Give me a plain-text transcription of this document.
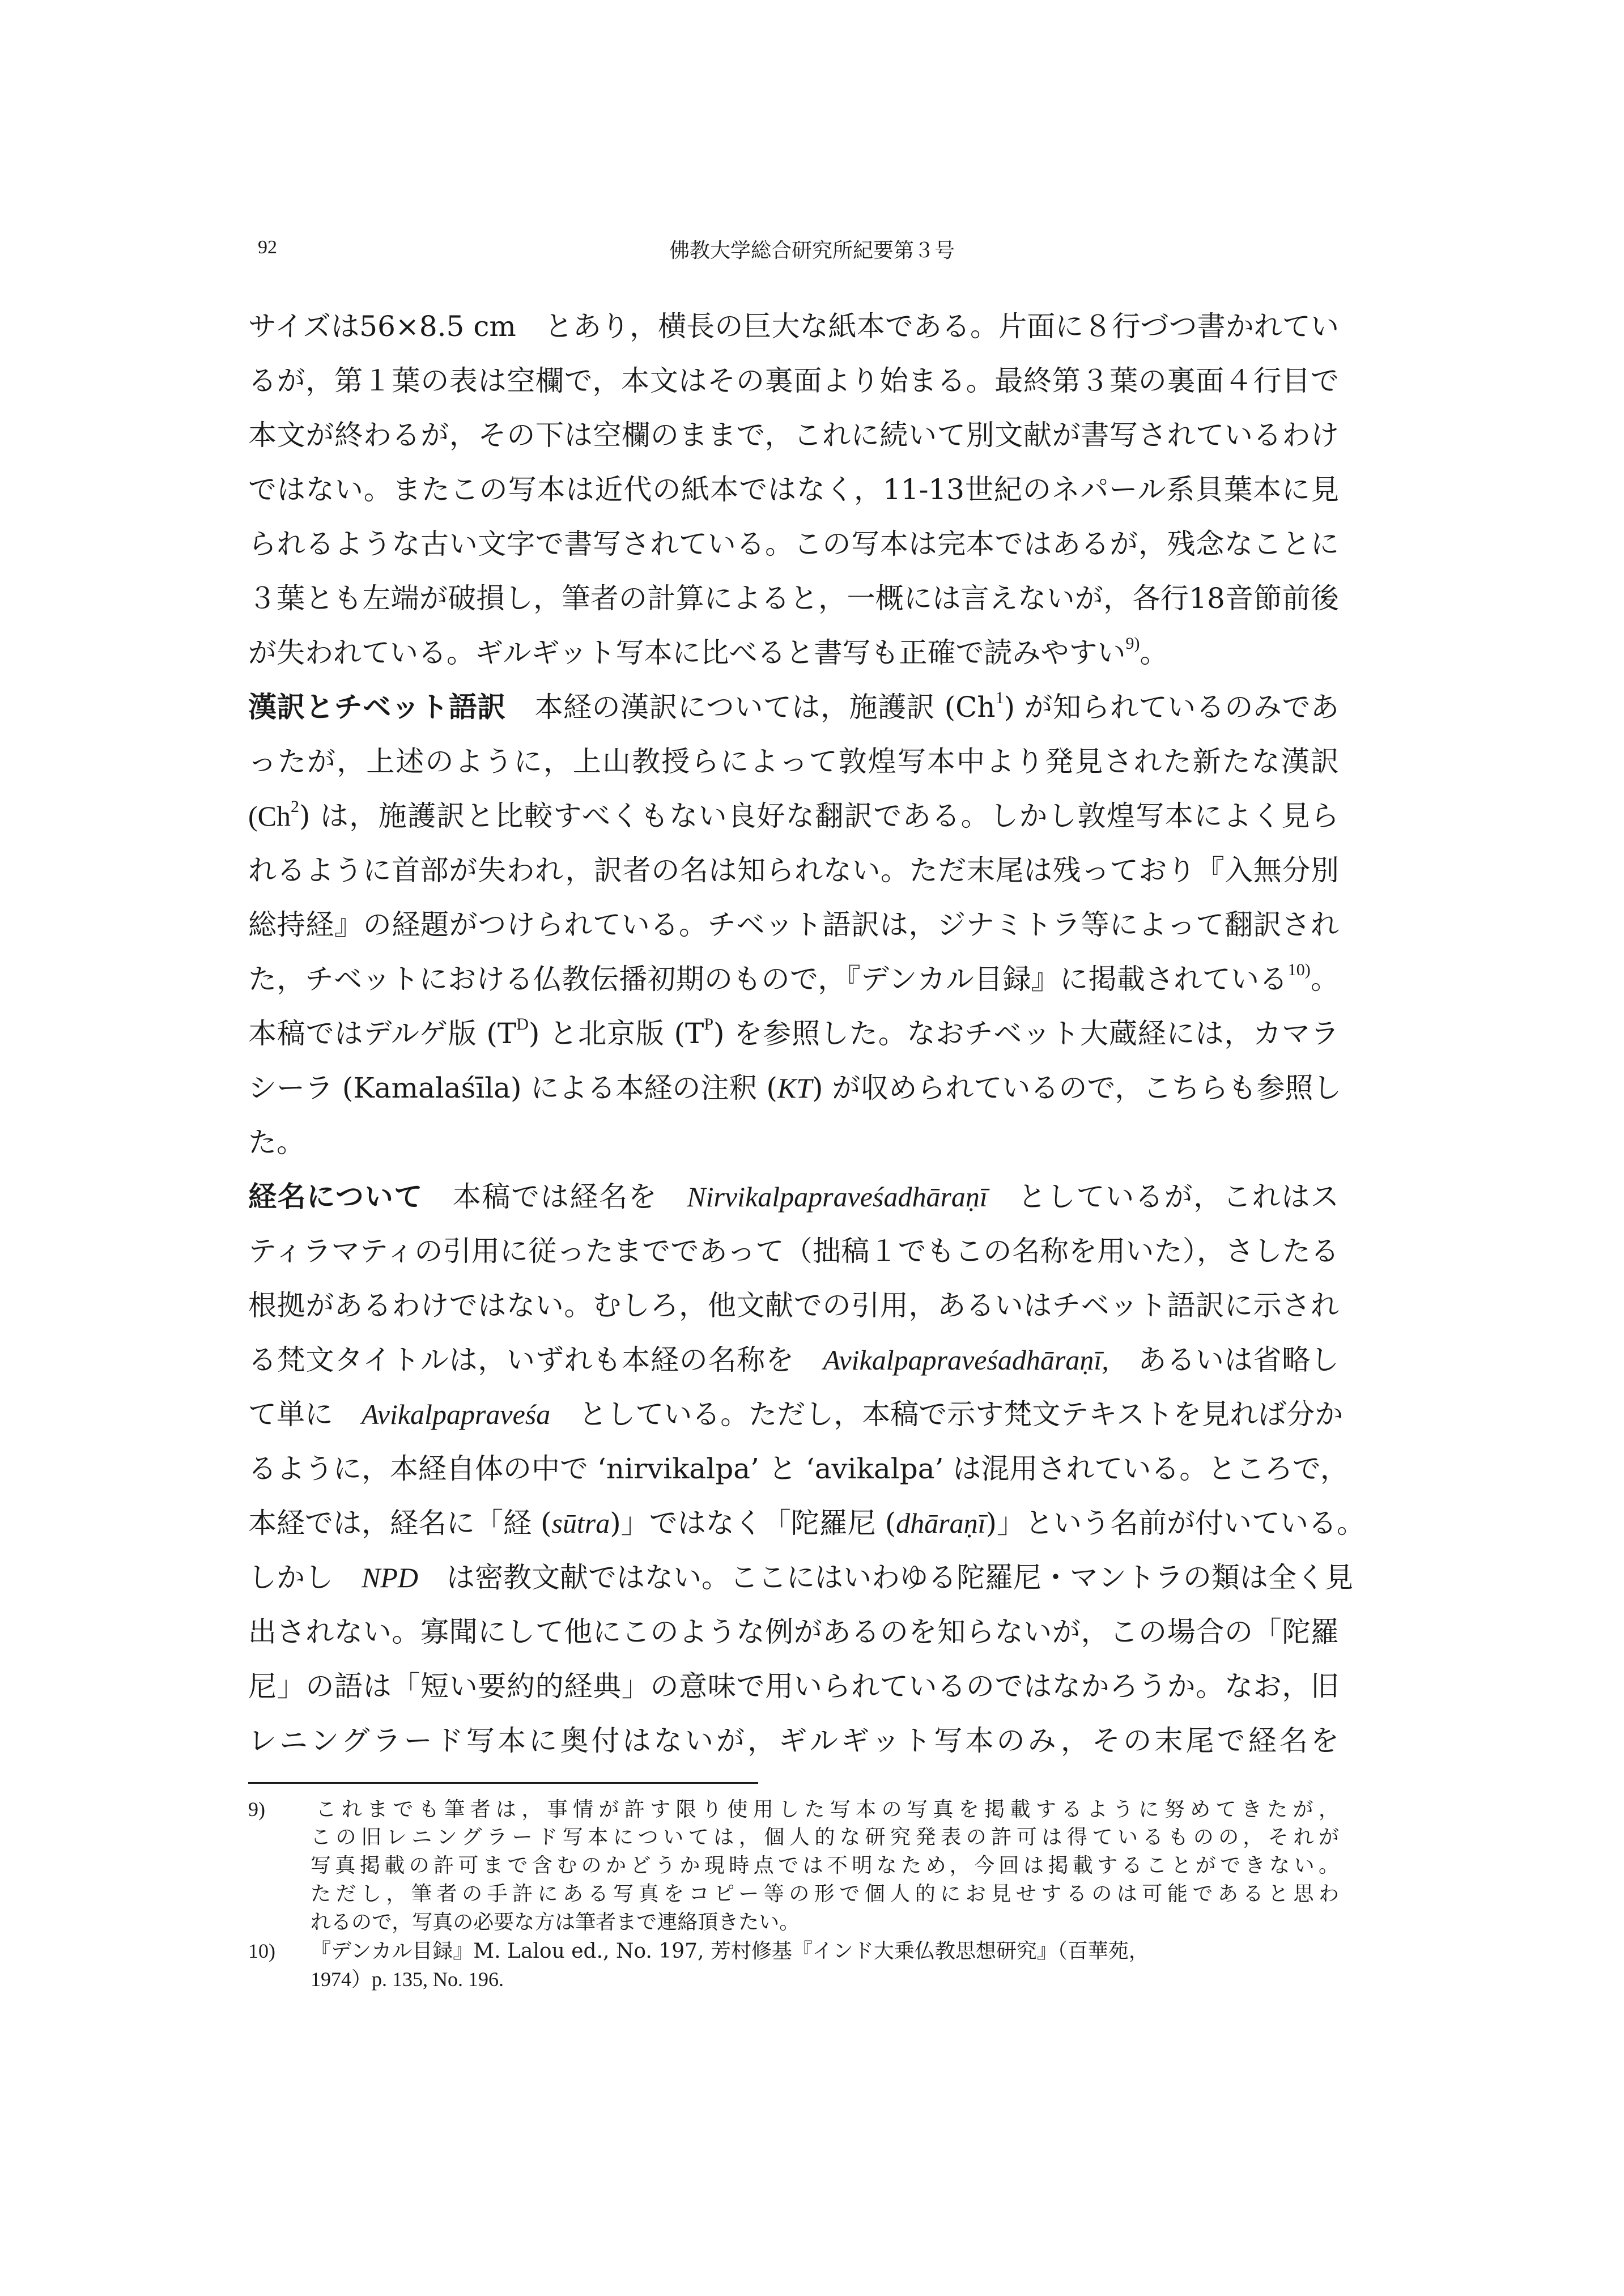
92	佛教大学総合研究所紀要第３号
サイズは56×8.5 cm　とあり，横長の巨大な紙本である。片面に８行づつ書かれてい
るが，第１葉の表は空欄で，本文はその裏面より始まる。最終第３葉の裏面４行目で
本文が終わるが，その下は空欄のままで，これに続いて別文献が書写されているわけ
ではない。またこの写本は近代の紙本ではなく，11-13世紀のネパール系貝葉本に見
られるような古い文字で書写されている。この写本は完本ではあるが，残念なことに
３葉とも左端が破損し，筆者の計算によると，一概には言えないが，各行18音節前後
が失われている。ギルギット写本に比べると書写も正確で読みやすい$^{9)}$。
漢訳とチベット語訳　 本経の漢訳については，施護訳 (Ch$^1$) が知られているのみであ
ったが，上述のように，上山教授らによって敦煌写本中より発見された新たな漢訳
(Ch$^2$) は，施護訳と比較すべくもない良好な翻訳である。しかし敦煌写本によく見ら
れるように首部が失われ，訳者の名は知られない。ただ末尾は残っており『入無分別
総持経』の経題がつけられている。チベット語訳は，ジナミトラ等によって翻訳され
た，チベットにおける仏教伝播初期のもので，『デンカル目録』に掲載されている$^{10)}$。
本稿ではデルゲ版 $(T^D)$ と北京版 $(T^P)$ を参照した。なおチベット大蔵経には，カマラ
シーラ (Kamalaśīla) による本経の注釈 (KT) が収められているので，こちらも参照し
た。
経名について　 本稿では経名を　 Nirvikalpapraveśadhāraṇī　 としているが，これはス
ティラマティの引用に従ったまでであって（拙稿１でもこの名称を用いた），さしたる
根拠があるわけではない。むしろ，他文献での引用，あるいはチベット語訳に示され
る梵文タイトルは，いずれも本経の名称を　 Avikalpapraveśadhāraṇī,　 あるいは省略し
て単に　 Avikalpapraveśa　 としている。ただし，本稿で示す梵文テキストを見れば分か
るように，本経自体の中で ‘nirvikalpa’ と ‘avikalpa’ は混用されている。ところで，
本経では，経名に「経 (sūtra)」ではなく「陀羅尼 (dhāraṇī)」という名前が付いている。
しかし　 NPD　 は密教文献ではない。ここにはいわゆる陀羅尼・マントラの類は全く見
出されない。寡聞にして他にこのような例があるのを知らないが，この場合の「陀羅
尼」の語は「短い要約的経典」の意味で用いられているのではなかろうか。なお，旧
レニングラード写本に奥付はないが，ギルギット写本のみ，その末尾で経名を
9) これまでも筆者は，事情が許す限り使用した写本の写真を掲載するように努めてきたが，
この旧レニングラード写本については，個人的な研究発表の許可は得ているものの，それが
写真掲載の許可まで含むのかどうか現時点では不明なため，今回は掲載することができない。
ただし，筆者の手許にある写真をコピー等の形で個人的にお見せするのは可能であると思わ
れるので，写真の必要な方は筆者まで連絡頂きたい。
10) 『デンカル目録』M. Lalou ed., No. 197, 芳村修基『インド大乗仏教思想研究』（百華苑，
1974）p. 135, No. 196.
